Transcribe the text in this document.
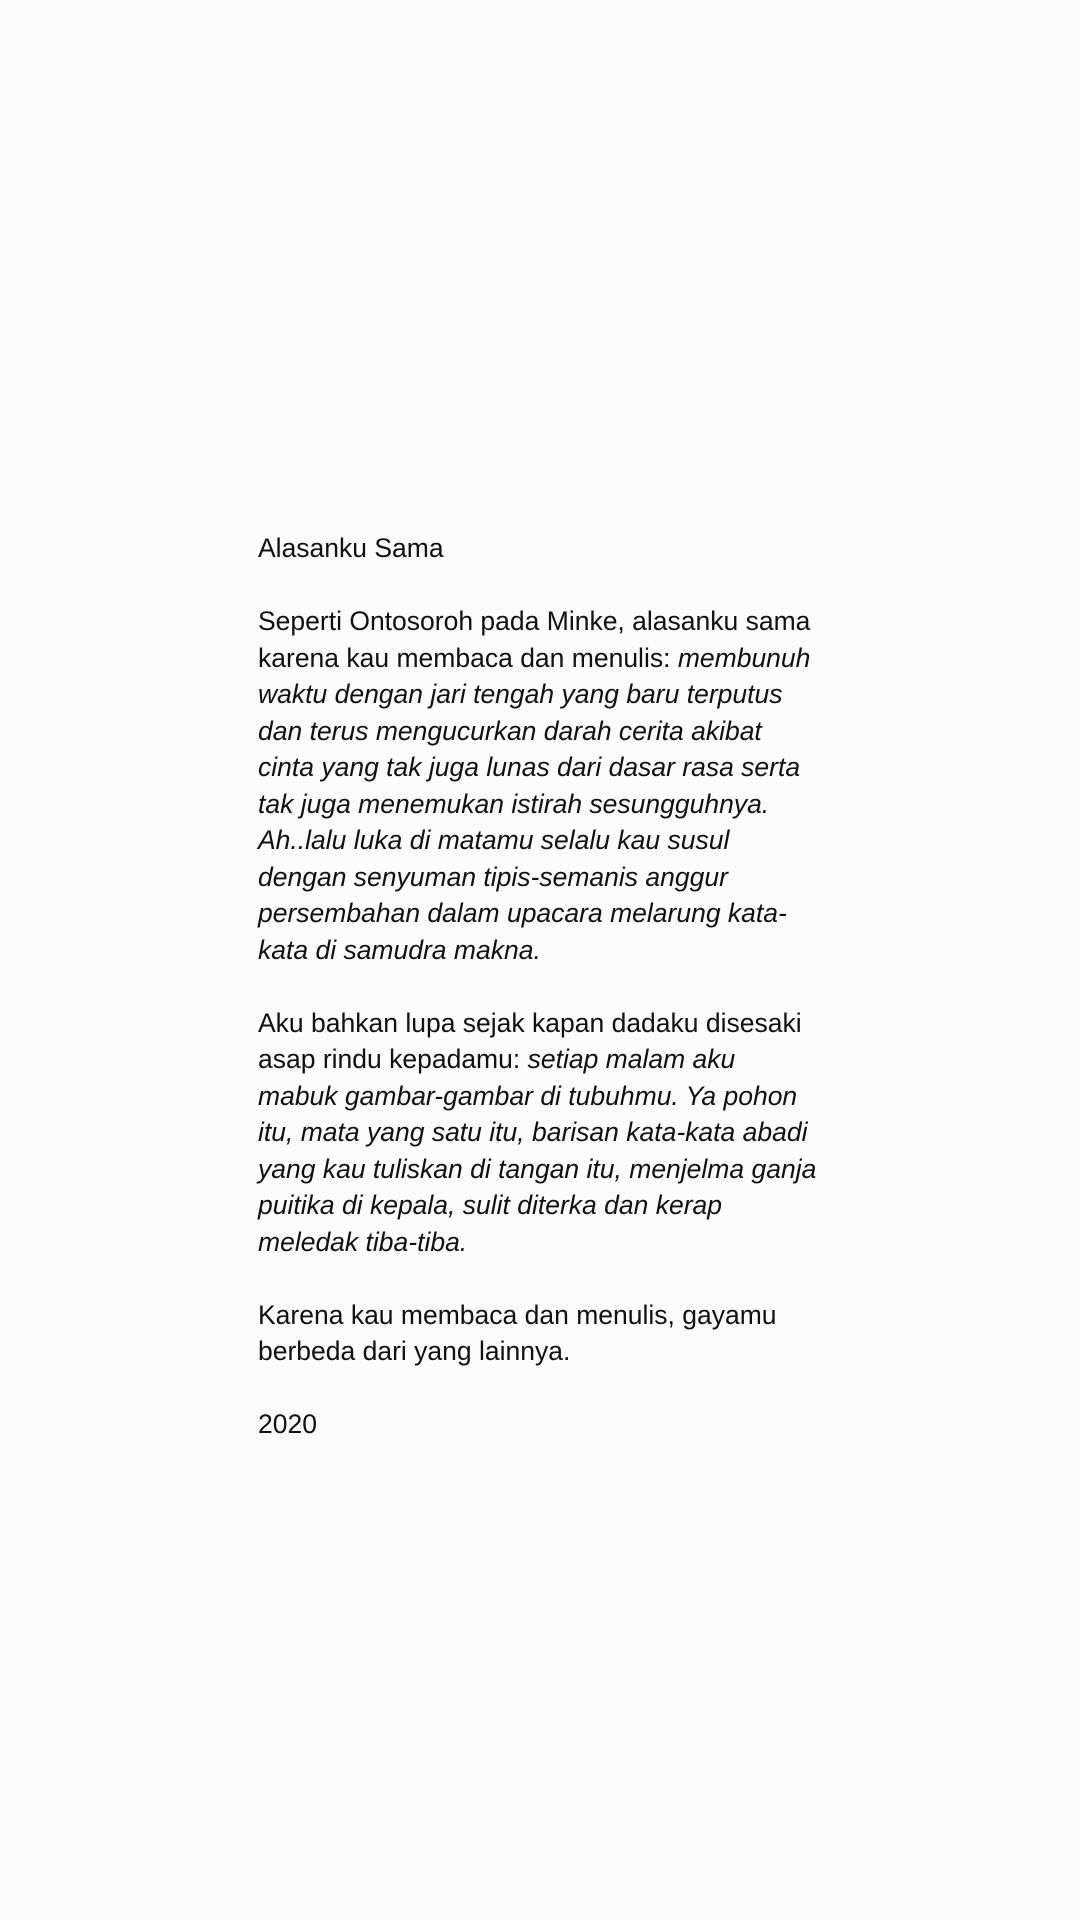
Alasanku Sama
Seperti Ontosoroh pada Minke, alasanku sama
karena kau membaca dan menulis: membunuh
waktu dengan jari tengah yang baru terputus
dan terus mengucurkan darah cerita akibat
cinta yang tak juga lunas dari dasar rasa serta
tak juga menemukan istirah sesungguhnya.
Ah..lalu luka di matamu selalu kau susul
dengan senyuman tipis-semanis anggur
persembahan dalam upacara melarung kata-
kata di samudra makna.
Aku bahkan lupa sejak kapan dadaku disesaki
asap rindu kepadamu: setiap malam aku
mabuk gambar-gambar di tubuhmu. Ya pohon
itu, mata yang satu itu, barisan kata-kata abadi
yang kau tuliskan di tangan itu, menjelma ganja
puitika di kepala, sulit diterka dan kerap
meledak tiba-tiba.
Karena kau membaca dan menulis, gayamu
berbeda dari yang lainnya.
2020
